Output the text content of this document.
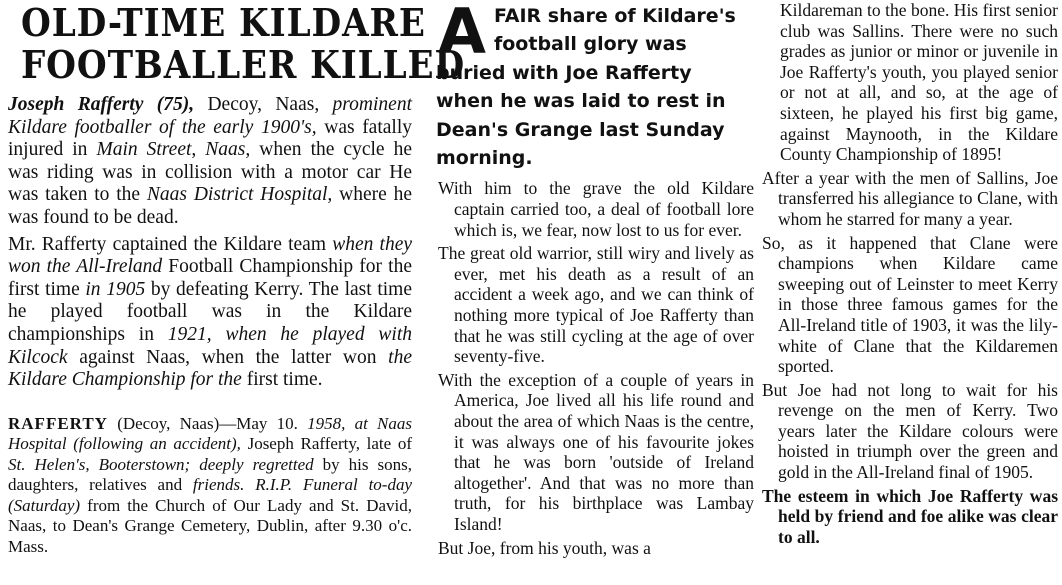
OLD-TIME KILDARE
FOOTBALLER KILLED
Joseph Rafferty (75), Decoy, Naas, prominent Kildare footballer of the early 1900's, was fatally injured in Main Street, Naas, when the cycle he was riding was in collision with a motor car He was taken to the Naas District Hospital, where he was found to be dead.
Mr. Rafferty captained the Kildare team when they won the All-Ireland Football Championship for the first time in 1905 by defeating Kerry. The last time he played football was in the Kildare championships in 1921, when he played with Kilcock against Naas, when the latter won the Kildare Championship for the first time.
RAFFERTY (Decoy, Naas)—May 10. 1958, at Naas Hospital (following an accident), Joseph Rafferty, late of St. Helen's, Booterstown; deeply regretted by his sons, daughters, relatives and friends. R.I.P. Funeral to-day (Saturday) from the Church of Our Lady and St. David, Naas, to Dean's Grange Cemetery, Dublin, after 9.30 o'c. Mass.
AFAIR share of Kildare's football glory was buried with Joe Rafferty when he was laid to rest in Dean's Grange last Sunday morning.
With him to the grave the old Kildare captain carried too, a deal of football lore which is, we fear, now lost to us for ever.
The great old warrior, still wiry and lively as ever, met his death as a result of an accident a week ago, and we can think of nothing more typical of Joe Rafferty than that he was still cycling at the age of over seventy-five.
With the exception of a couple of years in America, Joe lived all his life round and about the area of which Naas is the centre, it was always one of his favourite jokes that he was born 'outside of Ireland altogether'. And that was no more than truth, for his birthplace was Lambay Island!
But Joe, from his youth, was a
Kildareman to the bone. His first senior club was Sallins. There were no such grades as junior or minor or juvenile in Joe Rafferty's youth, you played senior or not at all, and so, at the age of sixteen, he played his first big game, against Maynooth, in the Kildare County Championship of 1895!
After a year with the men of Sallins, Joe transferred his allegiance to Clane, with whom he starred for many a year.
So, as it happened that Clane were champions when Kildare came sweeping out of Leinster to meet Kerry in those three famous games for the All-Ireland title of 1903, it was the lily-white of Clane that the Kildaremen sported.
But Joe had not long to wait for his revenge on the men of Kerry. Two years later the Kildare colours were hoisted in triumph over the green and gold in the All-Ireland final of 1905.
The esteem in which Joe Rafferty was held by friend and foe alike was clear to all.
